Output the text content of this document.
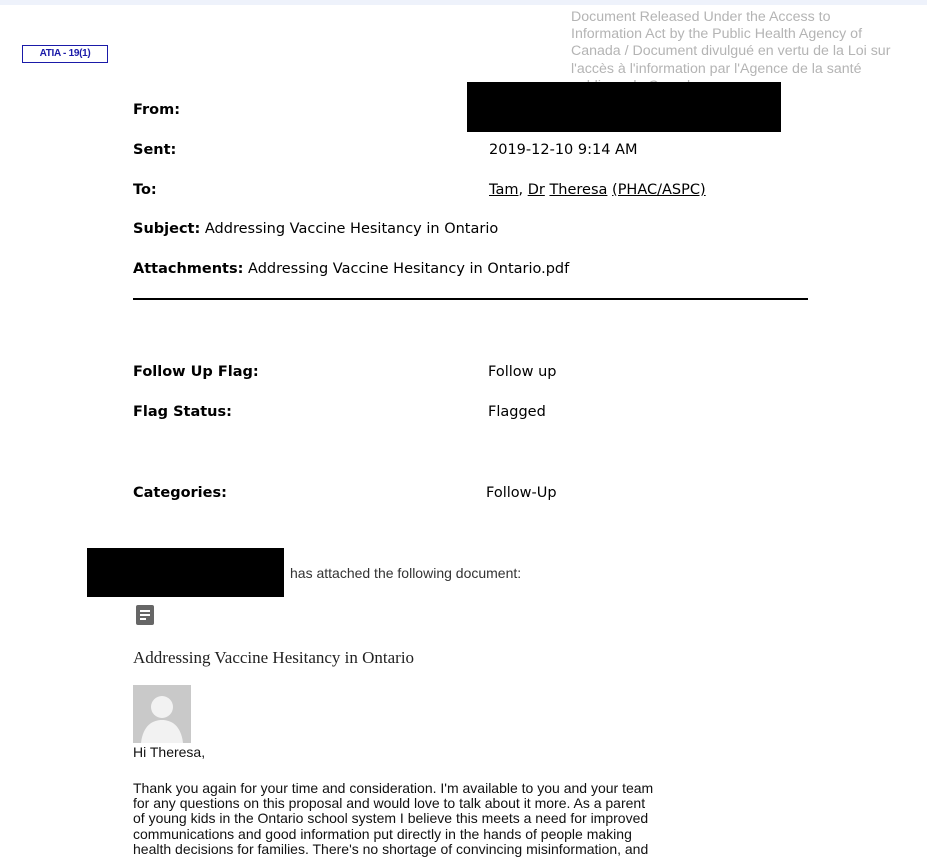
ATIA - 19(1)
Document Released Under the Access to
Information Act by the Public Health Agency of
Canada / Document divulgué en vertu de la Loi sur
l'accès à l'information par l'Agence de la santé
From:
Sent:	2019-12-10 9:14 AM
To:	Tam, Dr Theresa (PHAC/ASPC)
Subject: Addressing Vaccine Hesitancy in Ontario
Attachments: Addressing Vaccine Hesitancy in Ontario.pdf
Follow Up Flag:	Follow up
Flag Status:	Flagged
Categories:	Follow-Up
has attached the following document:
Addressing Vaccine Hesitancy in Ontario
Hi Theresa,
Thank you again for your time and consideration. I'm available to you and your team
for any questions on this proposal and would love to talk about it more. As a parent
of young kids in the Ontario school system I believe this meets a need for improved
communications and good information put directly in the hands of people making
health decisions for families. There's no shortage of convincing misinformation, and
